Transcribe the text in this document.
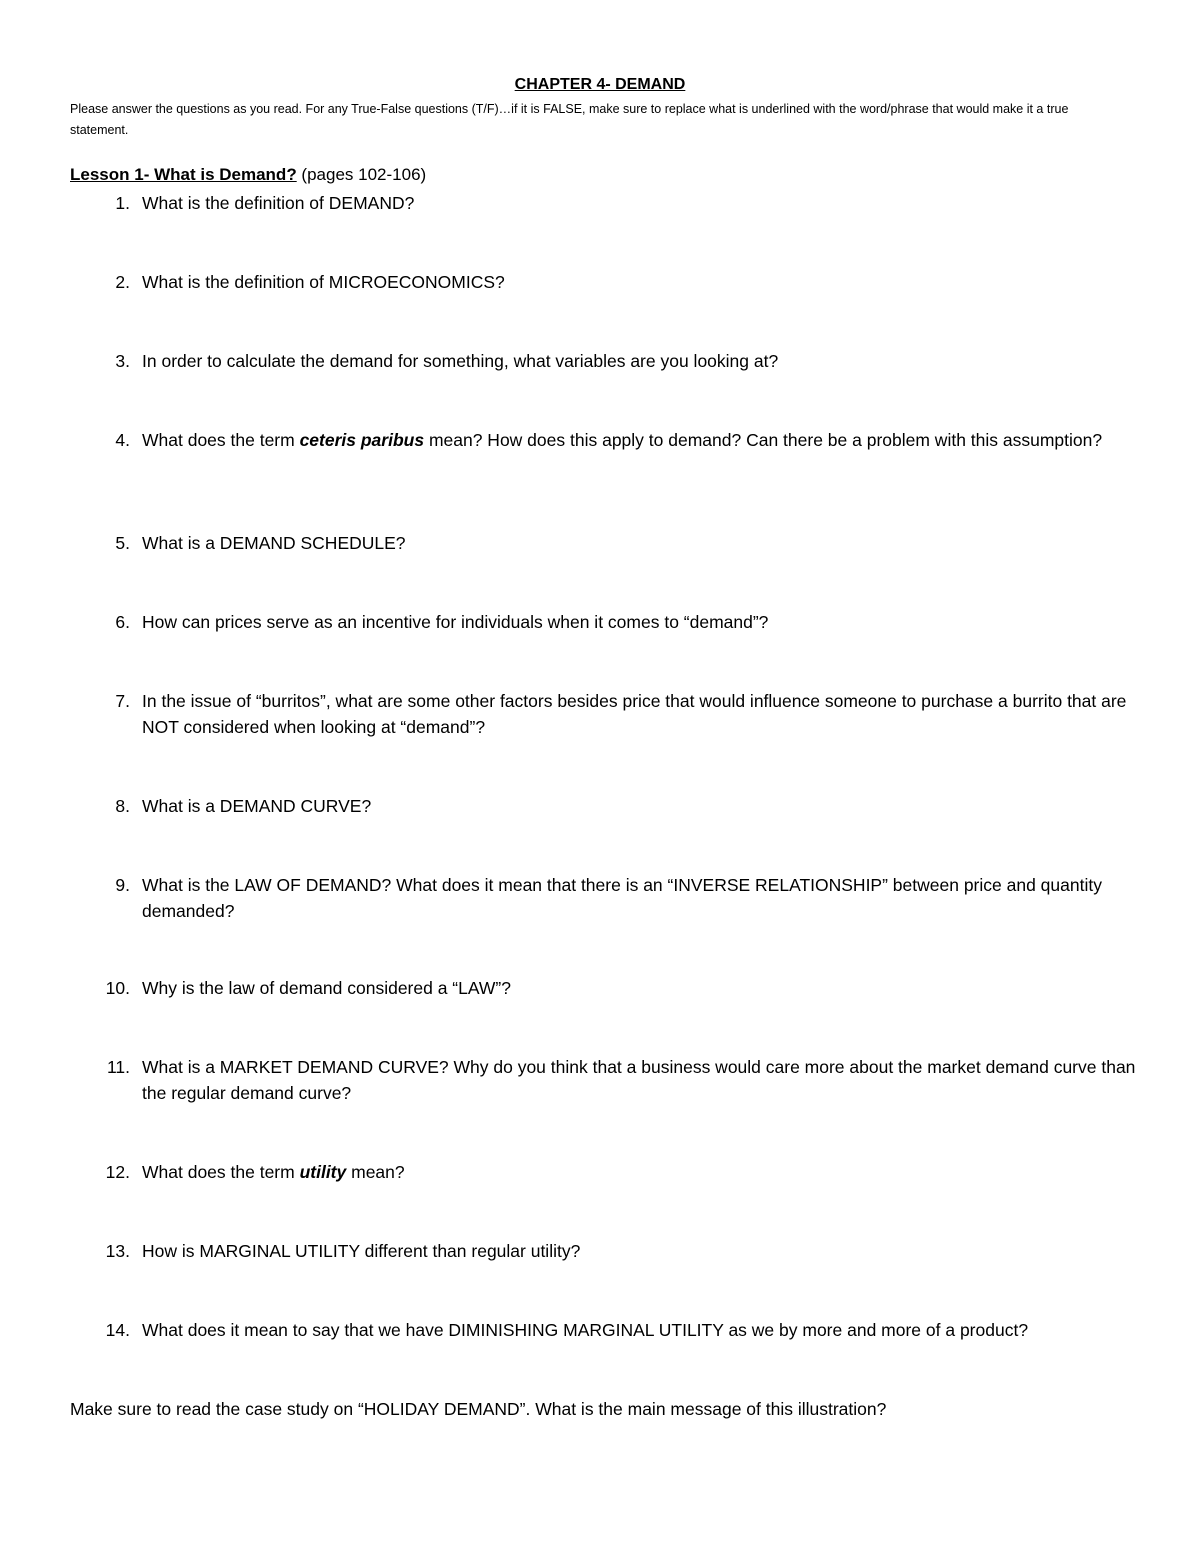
CHAPTER 4- DEMAND
Please answer the questions as you read. For any True-False questions (T/F)…if it is FALSE, make sure to replace what is underlined with the word/phrase that would make it a true statement.
Lesson 1- What is Demand? (pages 102-106)
1. What is the definition of DEMAND?
2. What is the definition of MICROECONOMICS?
3. In order to calculate the demand for something, what variables are you looking at?
4. What does the term ceteris paribus mean? How does this apply to demand? Can there be a problem with this assumption?
5. What is a DEMAND SCHEDULE?
6. How can prices serve as an incentive for individuals when it comes to “demand”?
7. In the issue of “burritos”, what are some other factors besides price that would influence someone to purchase a burrito that are NOT considered when looking at “demand”?
8. What is a DEMAND CURVE?
9. What is the LAW OF DEMAND? What does it mean that there is an “INVERSE RELATIONSHIP” between price and quantity demanded?
10. Why is the law of demand considered a “LAW”?
11. What is a MARKET DEMAND CURVE? Why do you think that a business would care more about the market demand curve than the regular demand curve?
12. What does the term utility mean?
13. How is MARGINAL UTILITY different than regular utility?
14. What does it mean to say that we have DIMINISHING MARGINAL UTILITY as we by more and more of a product?
Make sure to read the case study on “HOLIDAY DEMAND”. What is the main message of this illustration?
